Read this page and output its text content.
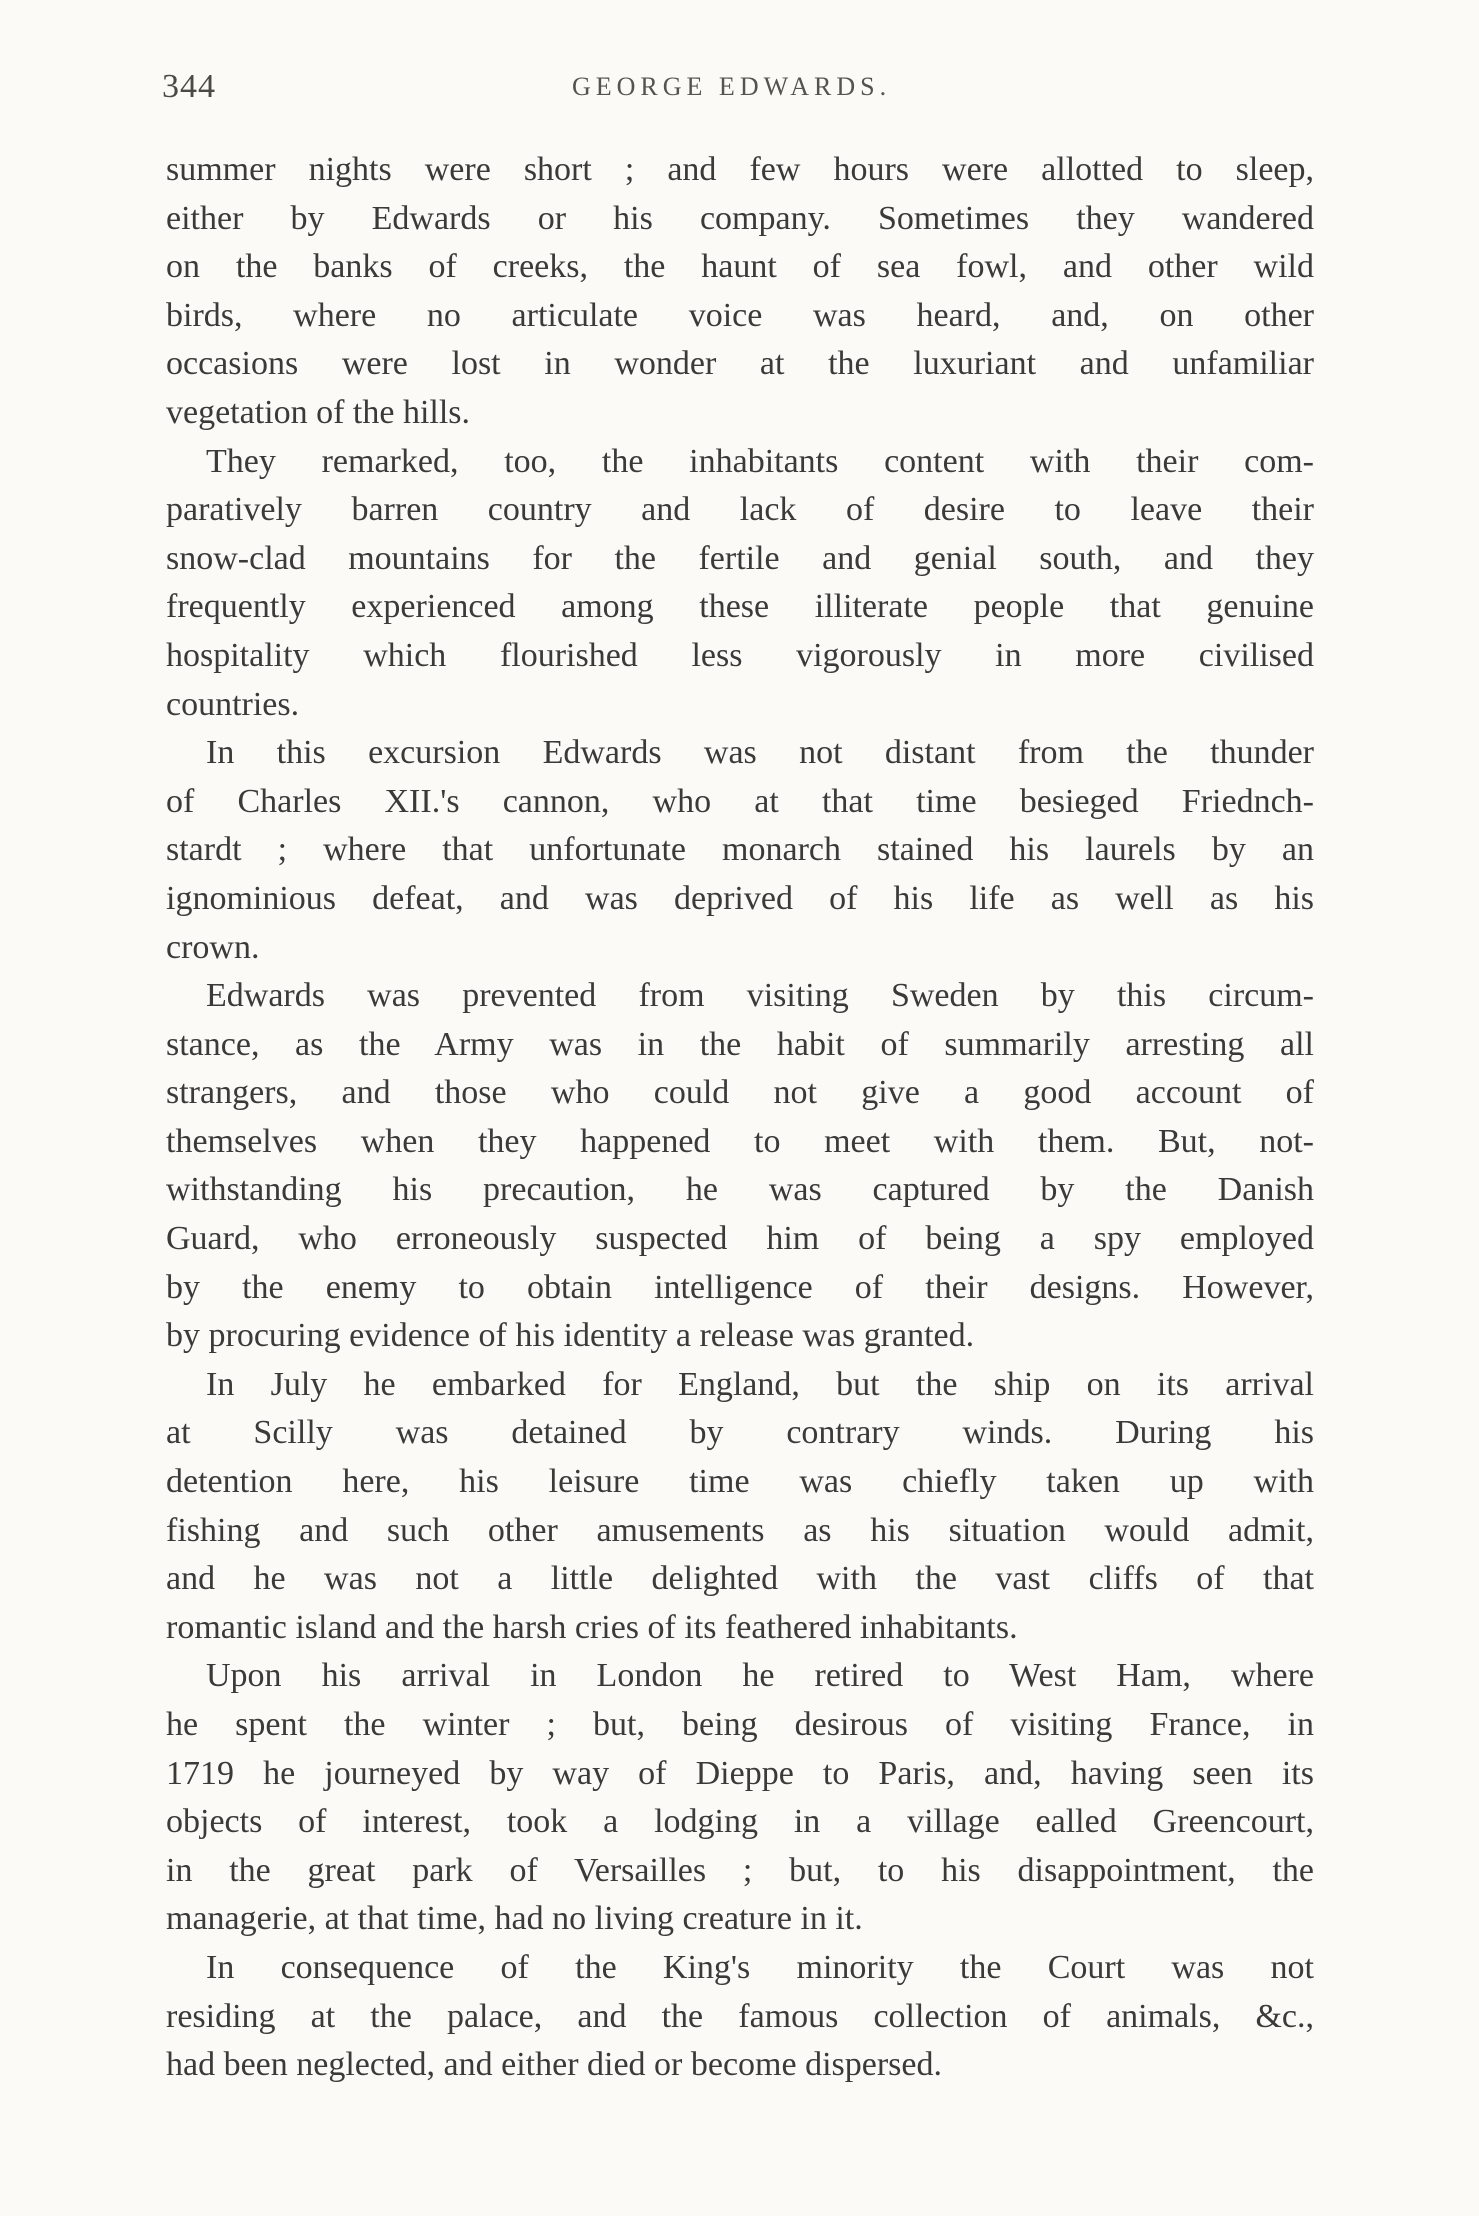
344	GEORGE EDWARDS.
summer nights were short ; and few hours were allotted to sleep,
either by Edwards or his company. Sometimes they wandered
on the banks of creeks, the haunt of sea fowl, and other wild
birds, where no articulate voice was heard, and, on other
occasions were lost in wonder at the luxuriant and unfamiliar
vegetation of the hills.
They remarked, too, the inhabitants content with their com-
paratively barren country and lack of desire to leave their
snow-clad mountains for the fertile and genial south, and they
frequently experienced among these illiterate people that genuine
hospitality which flourished less vigorously in more civilised
countries.
In this excursion Edwards was not distant from the thunder
of Charles XII.'s cannon, who at that time besieged Friednch-
stardt ; where that unfortunate monarch stained his laurels by an
ignominious defeat, and was deprived of his life as well as his
crown.
Edwards was prevented from visiting Sweden by this circum-
stance, as the Army was in the habit of summarily arresting all
strangers, and those who could not give a good account of
themselves when they happened to meet with them. But, not-
withstanding his precaution, he was captured by the Danish
Guard, who erroneously suspected him of being a spy employed
by the enemy to obtain intelligence of their designs. However,
by procuring evidence of his identity a release was granted.
In July he embarked for England, but the ship on its arrival
at Scilly was detained by contrary winds. During his
detention here, his leisure time was chiefly taken up with
fishing and such other amusements as his situation would admit,
and he was not a little delighted with the vast cliffs of that
romantic island and the harsh cries of its feathered inhabitants.
Upon his arrival in London he retired to West Ham, where
he spent the winter ; but, being desirous of visiting France, in
1719 he journeyed by way of Dieppe to Paris, and, having seen its
objects of interest, took a lodging in a village ealled Greencourt,
in the great park of Versailles ; but, to his disappointment, the
managerie, at that time, had no living creature in it.
In consequence of the King's minority the Court was not
residing at the palace, and the famous collection of animals, &c.,
had been neglected, and either died or become dispersed.
